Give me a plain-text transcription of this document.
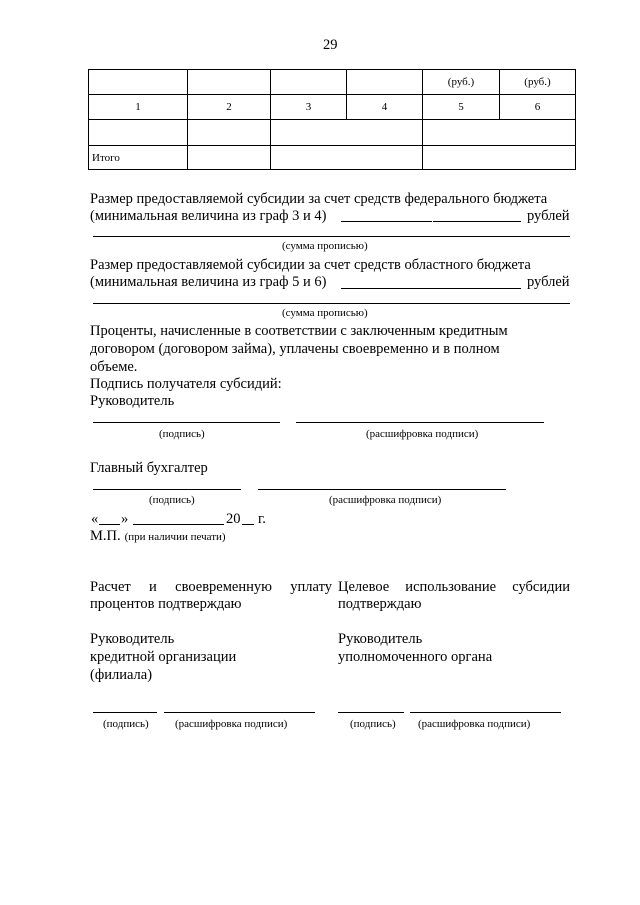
29
				(руб.)	(руб.)
1	2	3	4	5	6

Итого					
Размер предоставляемой субсидии за счет средств федерального бюджета
(минимальная величина из граф 3 и 4)	рублей
(сумма прописью)
Размер предоставляемой субсидии за счет средств областного бюджета
(минимальная величина из граф 5 и 6)	рублей
(сумма прописью)
Проценты, начисленные в соответствии с заключенным кредитным
договором (договором займа), уплачены своевременно и в полном
объеме.
Подпись получателя субсидий:
Руководитель
(подпись)	(расшифровка подписи)
Главный бухгалтер
(подпись)	(расшифровка подписи)
« »	20 г.
М.П. (при наличии печати)
Расчет и своевременную уплату
процентов подтверждаю
Руководитель
кредитной организации
(филиала)
(подпись) (расшифровка подписи)
Целевое использование субсидии
подтверждаю
Руководитель
уполномоченного органа
(подпись) (расшифровка подписи)
